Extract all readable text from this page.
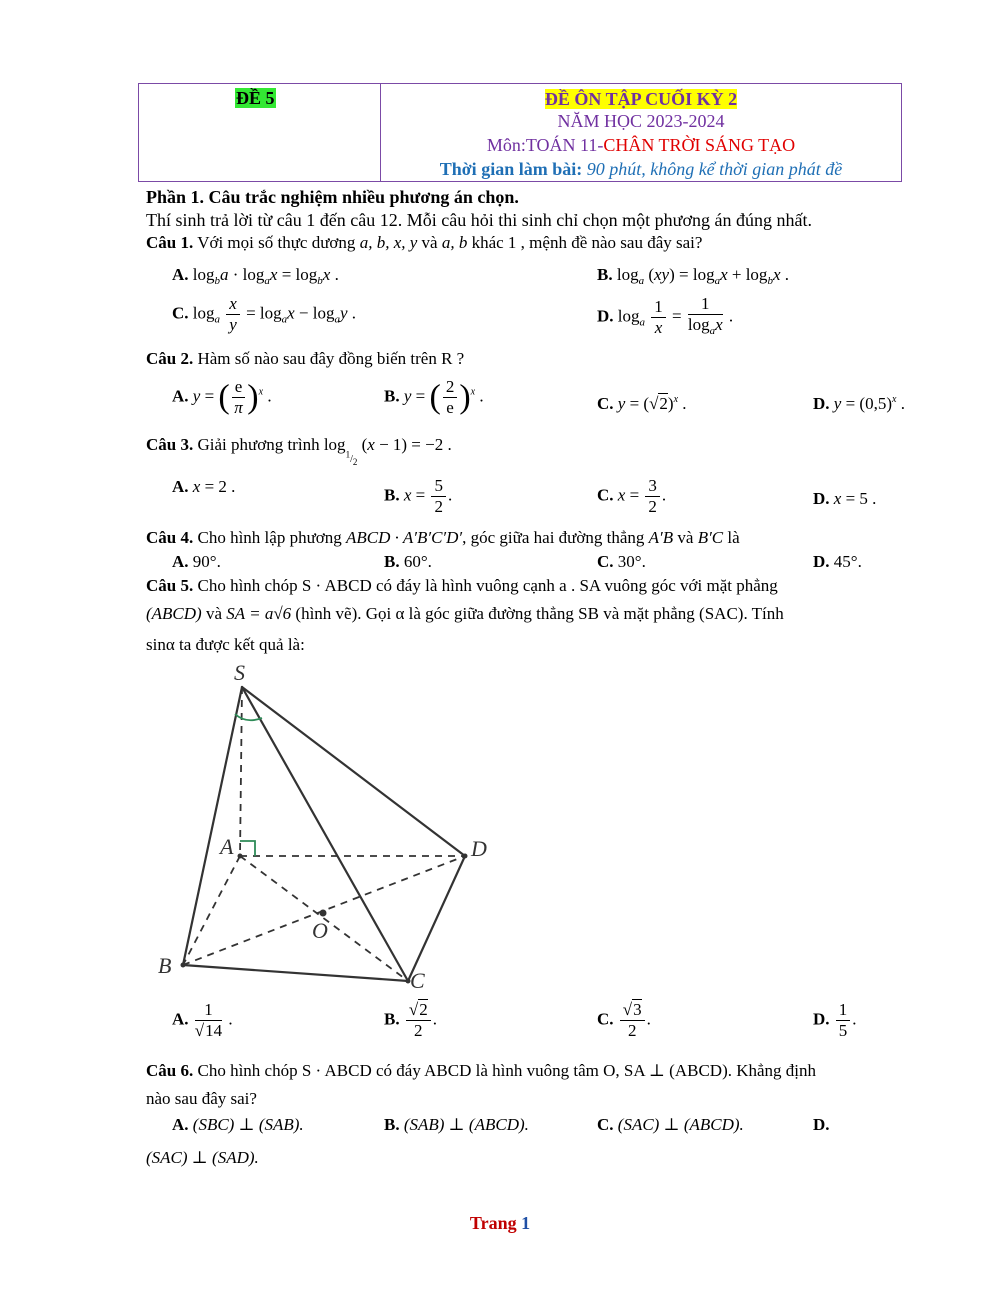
ĐỀ 5	ĐỀ ÔN TẬP CUỐI KỲ 2
NĂM HỌC 2023-2024
Môn:TOÁN 11-CHÂN TRỜI SÁNG TẠO
Thời gian làm bài: 90 phút, không kể thời gian phát đề
Phần 1. Câu trắc nghiệm nhiều phương án chọn.
Thí sinh trả lời từ câu 1 đến câu 12. Mỗi câu hỏi thi sinh chỉ chọn một phương án đúng nhất.
Câu 1. Với mọi số thực dương a, b, x, y và a, b khác 1 , mệnh đề nào sau đây sai?
A. $\log_ba \cdot \log_ax = \log_bx$ .	B. $\log_a (xy) = \log_ax + \log_bx$ .
C. $\log_a \frac{x}{y} = \log_ax - \log_ay$ .	D. $\log_a \frac{1}{x} = \frac{1}{\log_ax}$ .
Câu 2. Hàm số nào sau đây đồng biến trên R ?
A. y = ( $\frac{e}{\pi} )^x$ .	B. y = ( $\frac{2}{e} )^x$ .	C. $y = (√2)^x$ .	D. $y = (0,5)^x$ .
Câu 3. Giải phương trình $\log_{^1/_2} (x - 1) = -2$ .
A. x = 2 .	B. $x = \frac{5}{2}$ .	C. $x = \frac{3}{2}$ .	D. x = 5 .
Câu 4. Cho hình lập phương ABCD · A′B′C′D′, góc giữa hai đường thẳng A′B và B′C là
A. 90°.	B. 60°.	C. 30°.	D. 45°.
Câu 5. Cho hình chóp S · ABCD có đáy là hình vuông cạnh a . SA vuông góc với mặt phẳng
(ABCD) và SA = a√6 (hình vẽ). Gọi α là góc giữa đường thẳng SB và mặt phẳng (SAC). Tính
sinα ta được kết quả là:
S
A	D
O
B
C
A. $\frac{1}{√14}$ .	B. $\frac{√2}{2}$ .	C. $\frac{√3}{2}$ .	D. $\frac{1}{5}$ .
Câu 6. Cho hình chóp S · ABCD có đáy ABCD là hình vuông tâm O, SA ⊥ (ABCD). Khẳng định
nào sau đây sai?
A. (SBC) ⊥ (SAB).	B. (SAB) ⊥ (ABCD).	C. (SAC) ⊥ (ABCD).	D.
(SAC) ⊥ (SAD).
Trang 1
